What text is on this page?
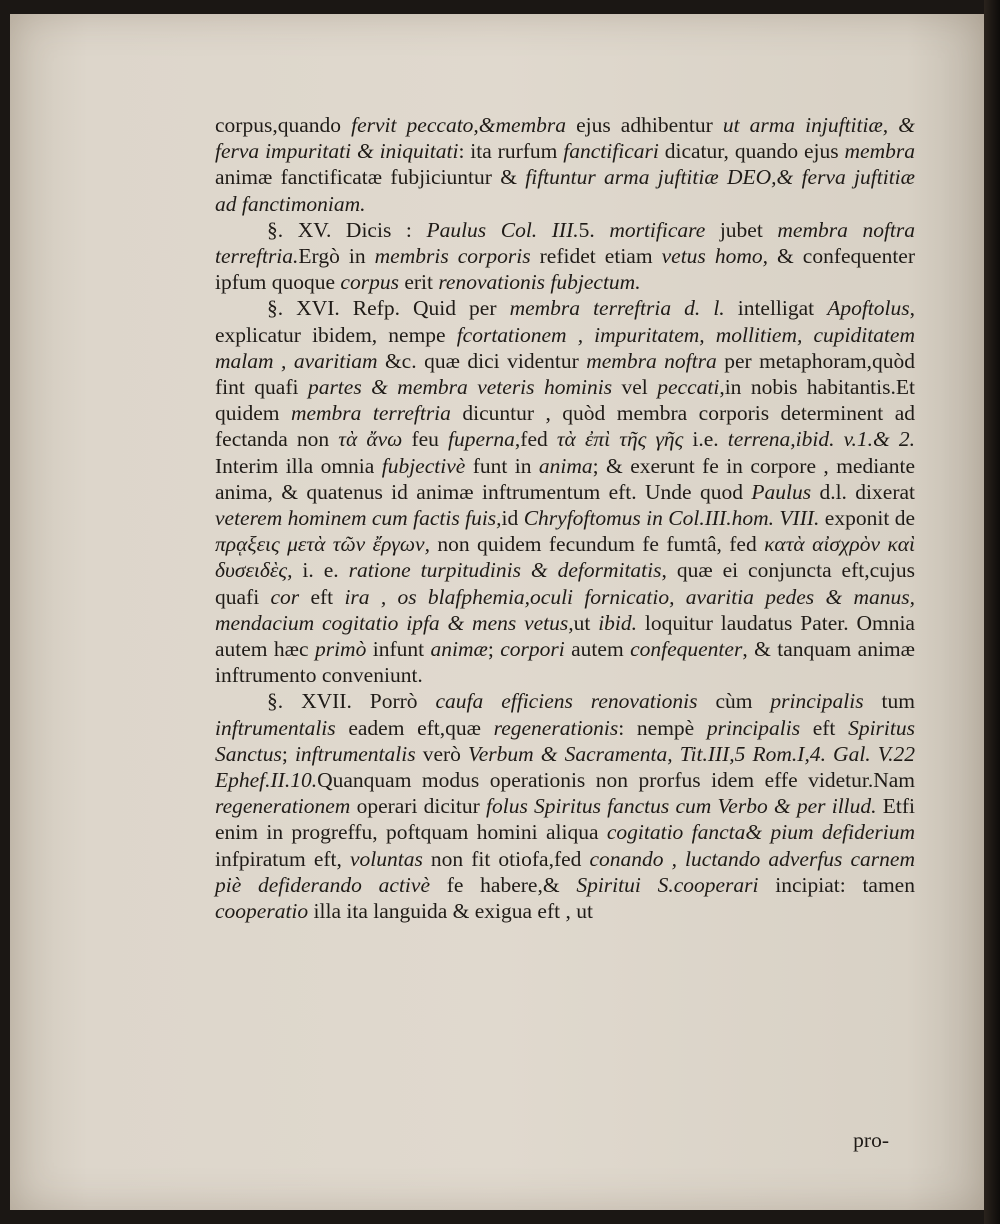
corpus,quando fervit peccato,&membra ejus adhibentur ut arma injuftitiæ, & ferva impuritati & iniquitati: ita rurfum fanctificari dicatur, quando ejus membra animæ fanctificatæ fubjiciuntur & fiftuntur arma juftitiæ DEO,& ferva juftitiæ ad fanctimoniam.

§. XV. Dicis : Paulus Col. III.5. mortificare jubet membra noftra terreftria.Ergò in membris corporis refidet etiam vetus homo, & confequenter ipfum quoque corpus erit renovationis fubjectum.

§. XVI. Refp. Quid per membra terreftria d. l. intelligat Apoftolus, explicatur ibidem, nempe fcortationem , impuritatem, mollitiem, cupiditatem malam , avaritiam &c. quæ dici videntur membra noftra per metaphoram,quòd fint quafi partes & membra veteris hominis vel peccati,in nobis habitantis.Et quidem membra terreftria dicuntur , quòd membra corporis determinent ad fectanda non τὰ ἄνω feu fuperna,fed τὰ ἐπὶ τῆς γῆς i.e. terrena,ibid. v.1.& 2. Interim illa omnia fubjectivè funt in anima; & exerunt fe in corpore , mediante anima, & quatenus id animæ inftrumentum eft. Unde quod Paulus d.l. dixerat veterem hominem cum factis fuis,id Chryfoftomus in Col.III.hom. VIII. exponit de πρᾳξεις μετὰ τῶν ἔργων, non quidem fecundum fe fumtâ, fed κατὰ αἰσχρὸν καὶ δυσειδὲς, i. e. ratione turpitudinis & deformitatis, quæ ei conjuncta eft,cujus quafi cor eft ira , os blafphemia,oculi fornicatio, avaritia pedes & manus, mendacium cogitatio ipfa & mens vetus,ut ibid. loquitur laudatus Pater. Omnia autem hæc primò infunt animæ; corpori autem confequenter, & tanquam animæ inftrumento conveniunt.

§. XVII. Porrò caufa efficiens renovationis cùm principalis tum inftrumentalis eadem eft,quæ regenerationis: nempè principalis eft Spiritus Sanctus; inftrumentalis verò Verbum & Sacramenta, Tit.III,5 Rom.I,4. Gal. V.22 Ephef.II.10.Quanquam modus operationis non prorfus idem effe videtur.Nam regenerationem operari dicitur folus Spiritus fanctus cum Verbo & per illud. Etfi enim in progreffu, poftquam homini aliqua cogitatio fancta& pium defiderium infpiratum eft, voluntas non fit otiofa,fed conando , luctando adverfus carnem piè defiderando activè fe habere,& Spiritui S.cooperari incipiat: tamen cooperatio illa ita languida & exigua eft , ut

pro-
